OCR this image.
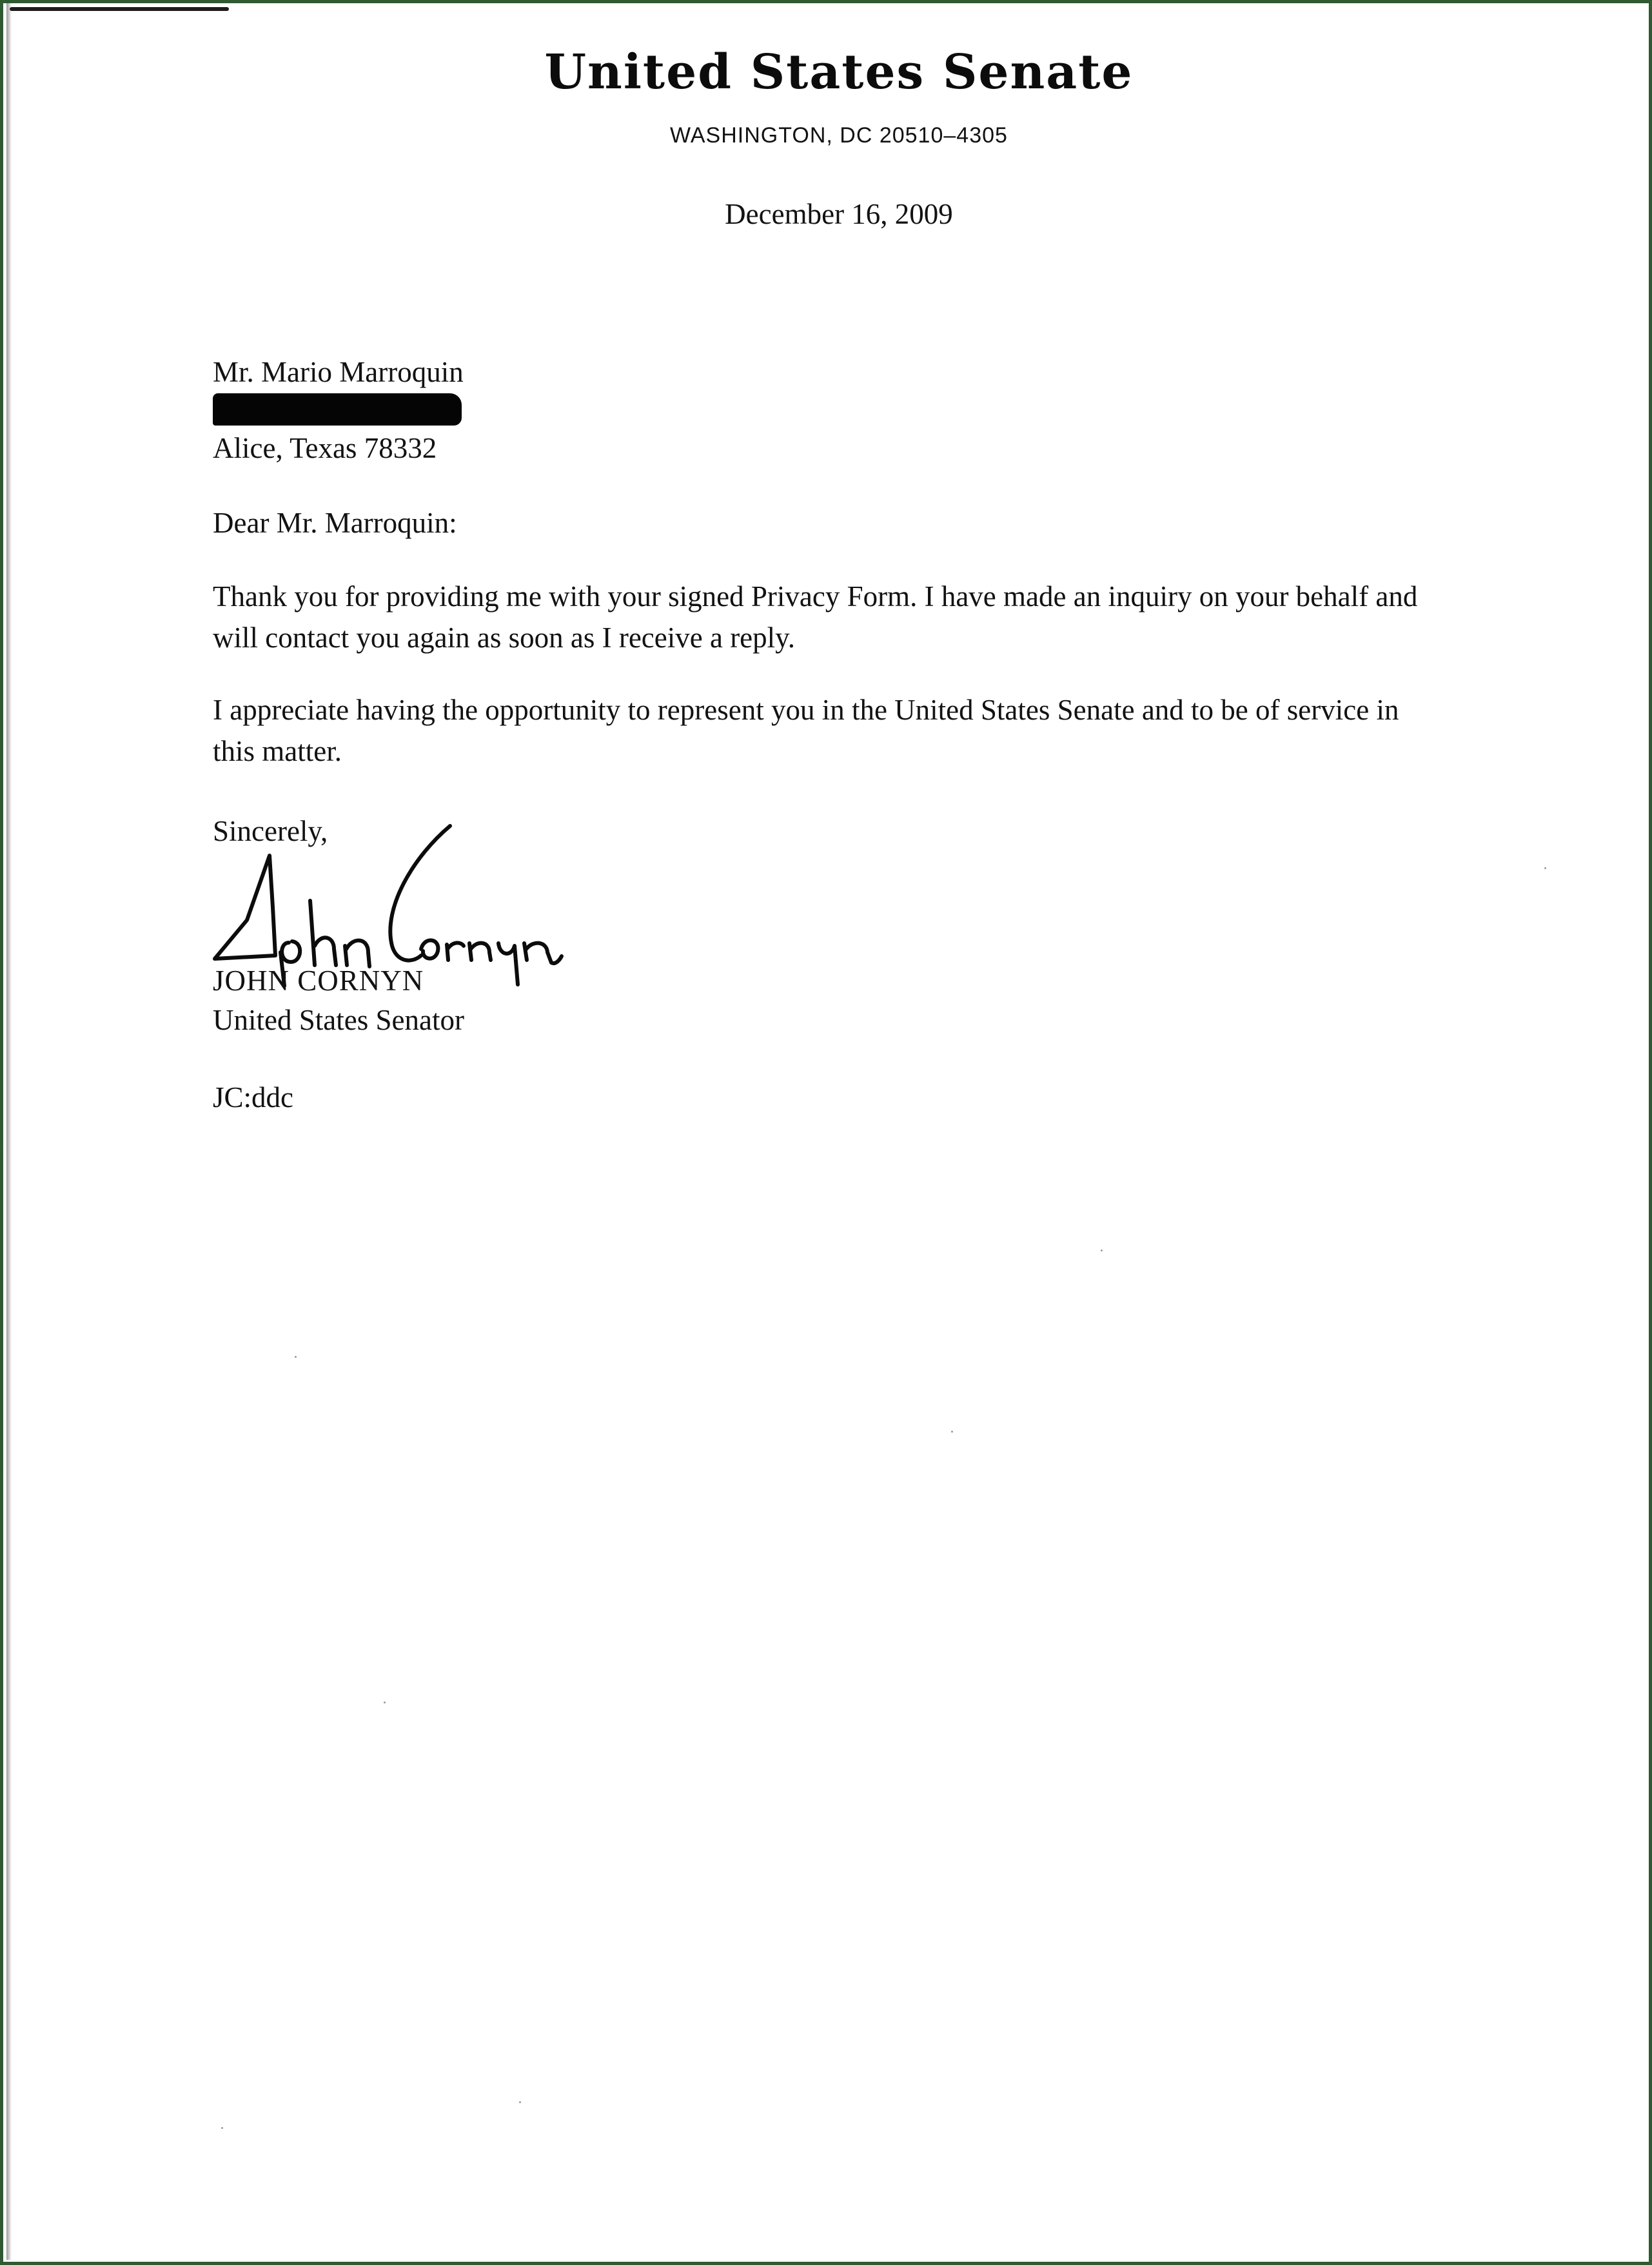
United States Senate
WASHINGTON, DC 20510–4305
December 16, 2009

Mr. Mario Marroquin

Alice, Texas 78332

Dear Mr. Marroquin:

Thank you for providing me with your signed Privacy Form. I have made an inquiry on your behalf and will contact you again as soon as I receive a reply.

I appreciate having the opportunity to represent you in the United States Senate and to be of service in this matter.

Sincerely,

JOHN CORNYN

United States Senator

JC:ddc
